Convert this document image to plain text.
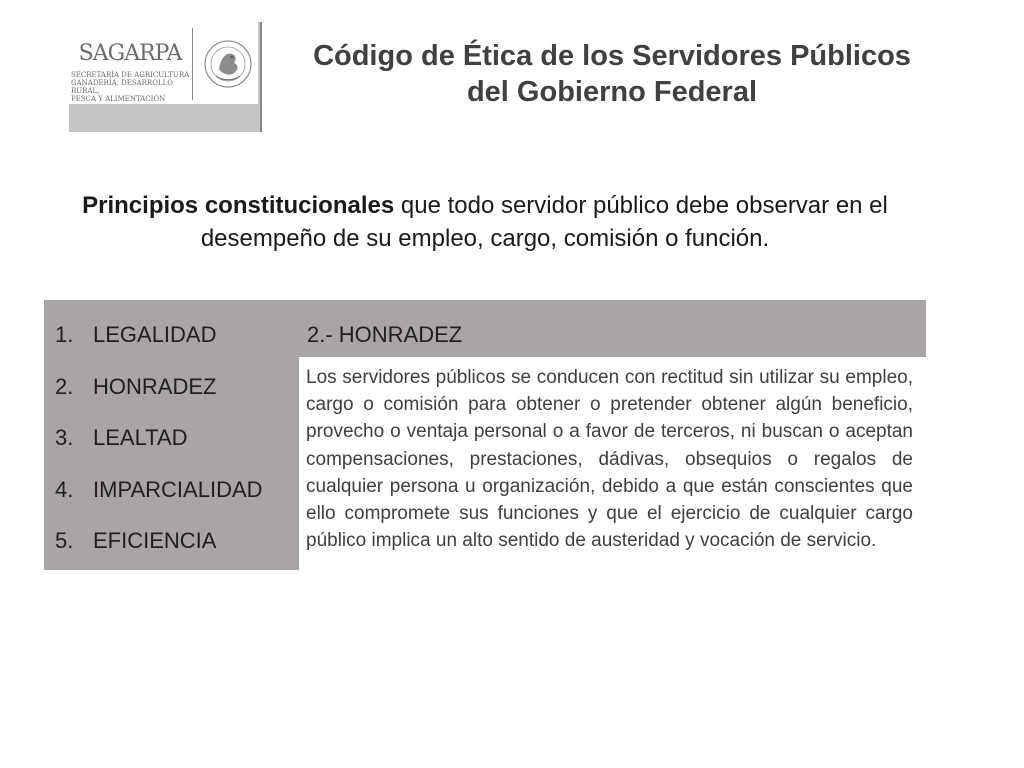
SAGARPA
SECRETARÍA DE AGRICULTURA
GANADERÍA, DESARROLLO RURAL,
PESCA Y ALIMENTACIÓN
Código de Ética de los Servidores Públicos del Gobierno Federal

Principios constitucionales que todo servidor público debe observar en el desempeño de su empleo, cargo, comisión o función.

1. LEGALIDAD
2. HONRADEZ
3. LEALTAD
4. IMPARCIALIDAD
5. EFICIENCIA
2.- HONRADEZ

Los servidores públicos se conducen con rectitud sin utilizar su empleo, cargo o comisión para obtener o pretender obtener algún beneficio, provecho o ventaja personal o a favor de terceros, ni buscan o aceptan compensaciones, prestaciones, dádivas, obsequios o regalos de cualquier persona u organización, debido a que están conscientes que ello compromete sus funciones y que el ejercicio de cualquier cargo público implica un alto sentido de austeridad y vocación de servicio.
